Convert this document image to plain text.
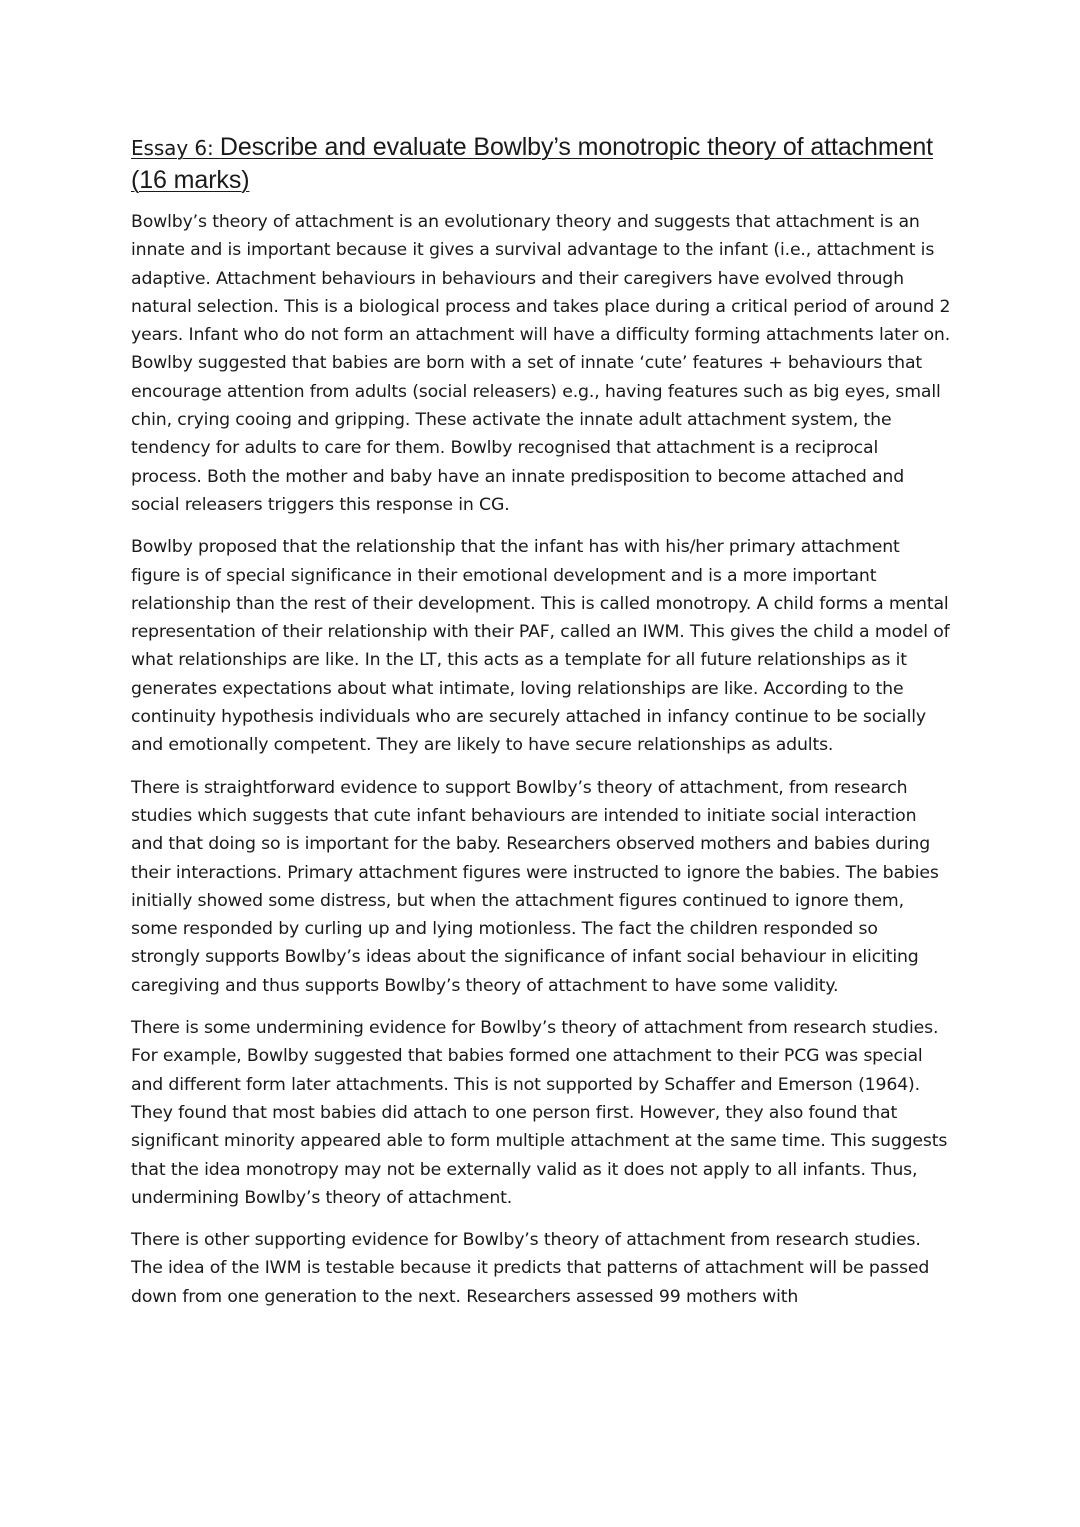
Essay 6: Describe and evaluate Bowlby’s monotropic theory of attachment (16 marks)

Bowlby’s theory of attachment is an evolutionary theory and suggests that attachment is an innate and is important because it gives a survival advantage to the infant (i.e., attachment is adaptive. Attachment behaviours in behaviours and their caregivers have evolved through natural selection. This is a biological process and takes place during a critical period of around 2 years. Infant who do not form an attachment will have a difficulty forming attachments later on. Bowlby suggested that babies are born with a set of innate ‘cute’ features + behaviours that encourage attention from adults (social releasers) e.g., having features such as big eyes, small chin, crying cooing and gripping. These activate the innate adult attachment system, the tendency for adults to care for them. Bowlby recognised that attachment is a reciprocal process. Both the mother and baby have an innate predisposition to become attached and social releasers triggers this response in CG.

Bowlby proposed that the relationship that the infant has with his/her primary attachment figure is of special significance in their emotional development and is a more important relationship than the rest of their development. This is called monotropy. A child forms a mental representation of their relationship with their PAF, called an IWM. This gives the child a model of what relationships are like. In the LT, this acts as a template for all future relationships as it generates expectations about what intimate, loving relationships are like. According to the continuity hypothesis individuals who are securely attached in infancy continue to be socially and emotionally competent. They are likely to have secure relationships as adults.

There is straightforward evidence to support Bowlby’s theory of attachment, from research studies which suggests that cute infant behaviours are intended to initiate social interaction and that doing so is important for the baby. Researchers observed mothers and babies during their interactions. Primary attachment figures were instructed to ignore the babies. The babies initially showed some distress, but when the attachment figures continued to ignore them, some responded by curling up and lying motionless. The fact the children responded so strongly supports Bowlby’s ideas about the significance of infant social behaviour in eliciting caregiving and thus supports Bowlby’s theory of attachment to have some validity.

There is some undermining evidence for Bowlby’s theory of attachment from research studies. For example, Bowlby suggested that babies formed one attachment to their PCG was special and different form later attachments. This is not supported by Schaffer and Emerson (1964). They found that most babies did attach to one person first. However, they also found that significant minority appeared able to form multiple attachment at the same time. This suggests that the idea monotropy may not be externally valid as it does not apply to all infants. Thus, undermining Bowlby’s theory of attachment.

There is other supporting evidence for Bowlby’s theory of attachment from research studies. The idea of the IWM is testable because it predicts that patterns of attachment will be passed down from one generation to the next. Researchers assessed 99 mothers with
